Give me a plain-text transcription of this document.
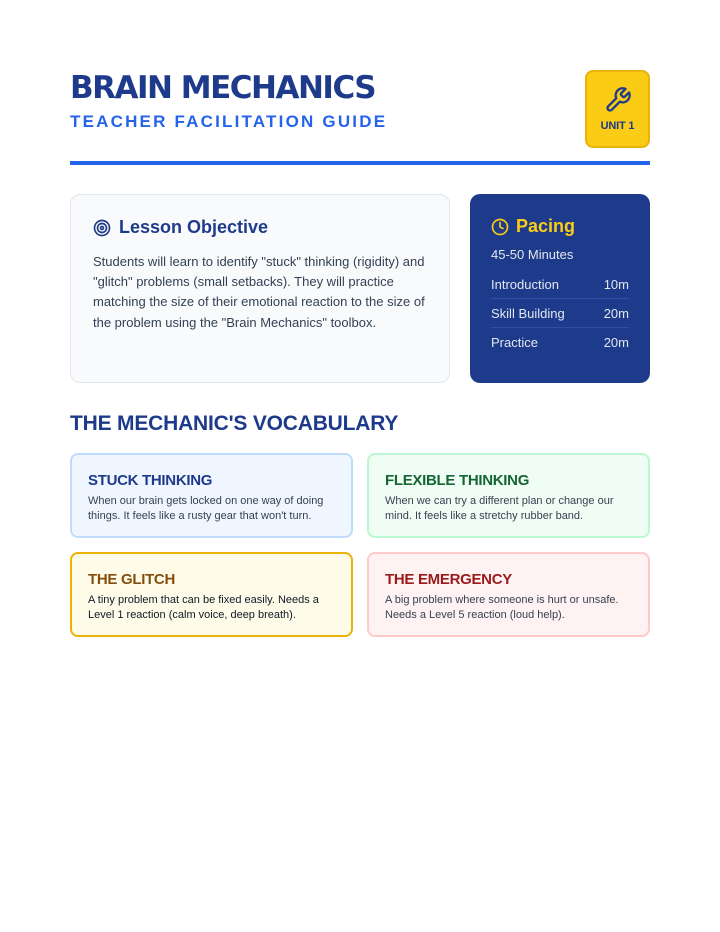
BRAIN MECHANICS
TEACHER FACILITATION GUIDE	UNIT 1
Lesson Objective

Students will learn to identify "stuck" thinking (rigidity) and "glitch" problems (small setbacks). They will practice matching the size of their emotional reaction to the size of the problem using the "Brain Mechanics" toolbox.

Pacing
45-50 Minutes
Introduction	10m
Skill Building	20m
Practice	20m
THE MECHANIC'S VOCABULARY
STUCK THINKING

When our brain gets locked on one way of doing things. It feels like a rusty gear that won't turn.

FLEXIBLE THINKING

When we can try a different plan or change our mind. It feels like a stretchy rubber band.

THE GLITCH

A tiny problem that can be fixed easily. Needs a Level 1 reaction (calm voice, deep breath).

THE EMERGENCY

A big problem where someone is hurt or unsafe. Needs a Level 5 reaction (loud help).
